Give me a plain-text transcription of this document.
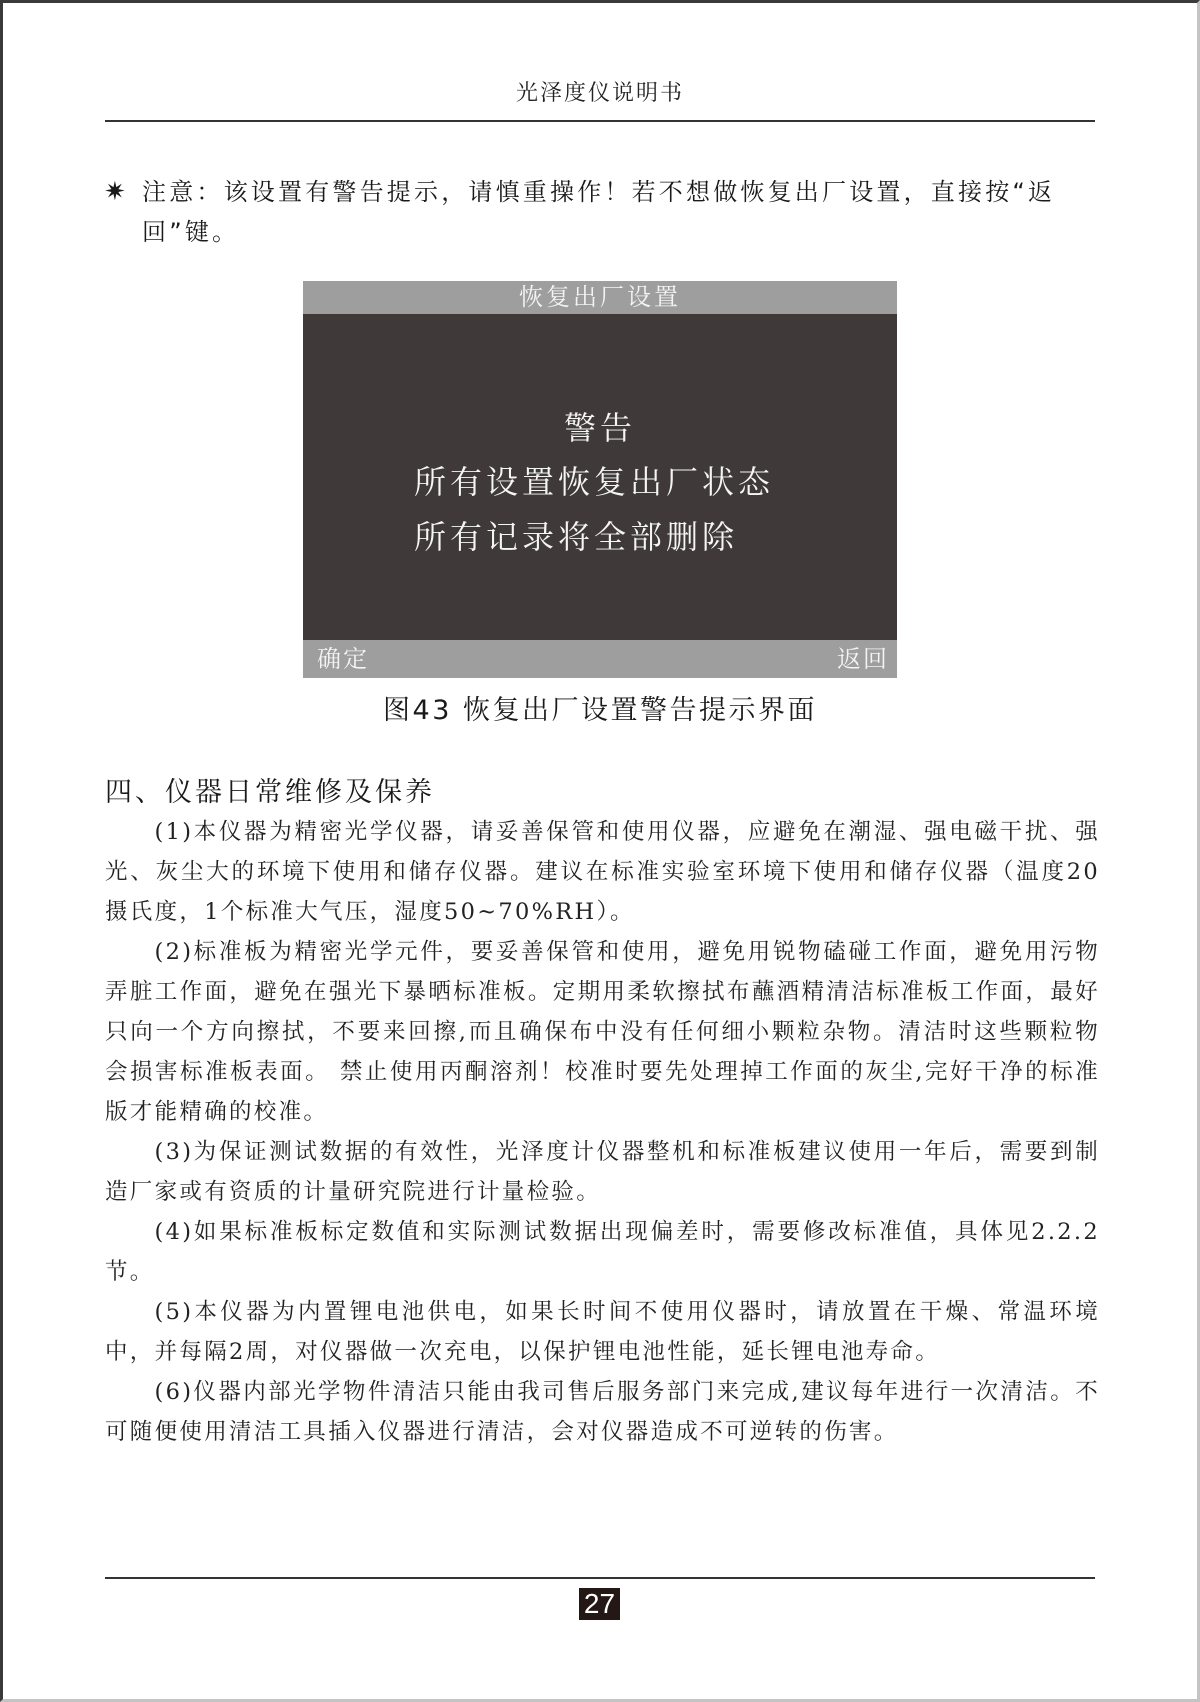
光泽度仪说明书
✷ 注意：该设置有警告提示，请慎重操作！若不想做恢复出厂设置，直接按“返
回”键。
恢复出厂设置
警告
所有设置恢复出厂状态
所有记录将全部删除
确定	返回
图43 恢复出厂设置警告提示界面
四、仪器日常维修及保养

(1)本仪器为精密光学仪器，请妥善保管和使用仪器，应避免在潮湿、强电磁干扰、强光、灰尘大的环境下使用和储存仪器。建议在标准实验室环境下使用和储存仪器（温度20摄氏度，1个标准大气压，湿度50~70%RH）。

(2)标准板为精密光学元件，要妥善保管和使用，避免用锐物磕碰工作面，避免用污物弄脏工作面，避免在强光下暴晒标准板。定期用柔软擦拭布蘸酒精清洁标准板工作面，最好只向一个方向擦拭，不要来回擦,而且确保布中没有任何细小颗粒杂物。清洁时这些颗粒物会损害标准板表面。 禁止使用丙酮溶剂！校准时要先处理掉工作面的灰尘,完好干净的标准版才能精确的校准。

(3)为保证测试数据的有效性，光泽度计仪器整机和标准板建议使用一年后，需要到制造厂家或有资质的计量研究院进行计量检验。

(4)如果标准板标定数值和实际测试数据出现偏差时，需要修改标准值，具体见2.2.2节。

(5)本仪器为内置锂电池供电，如果长时间不使用仪器时，请放置在干燥、常温环境中，并每隔2周，对仪器做一次充电，以保护锂电池性能，延长锂电池寿命。

(6)仪器内部光学物件清洁只能由我司售后服务部门来完成,建议每年进行一次清洁。不可随便使用清洁工具插入仪器进行清洁，会对仪器造成不可逆转的伤害。

27
